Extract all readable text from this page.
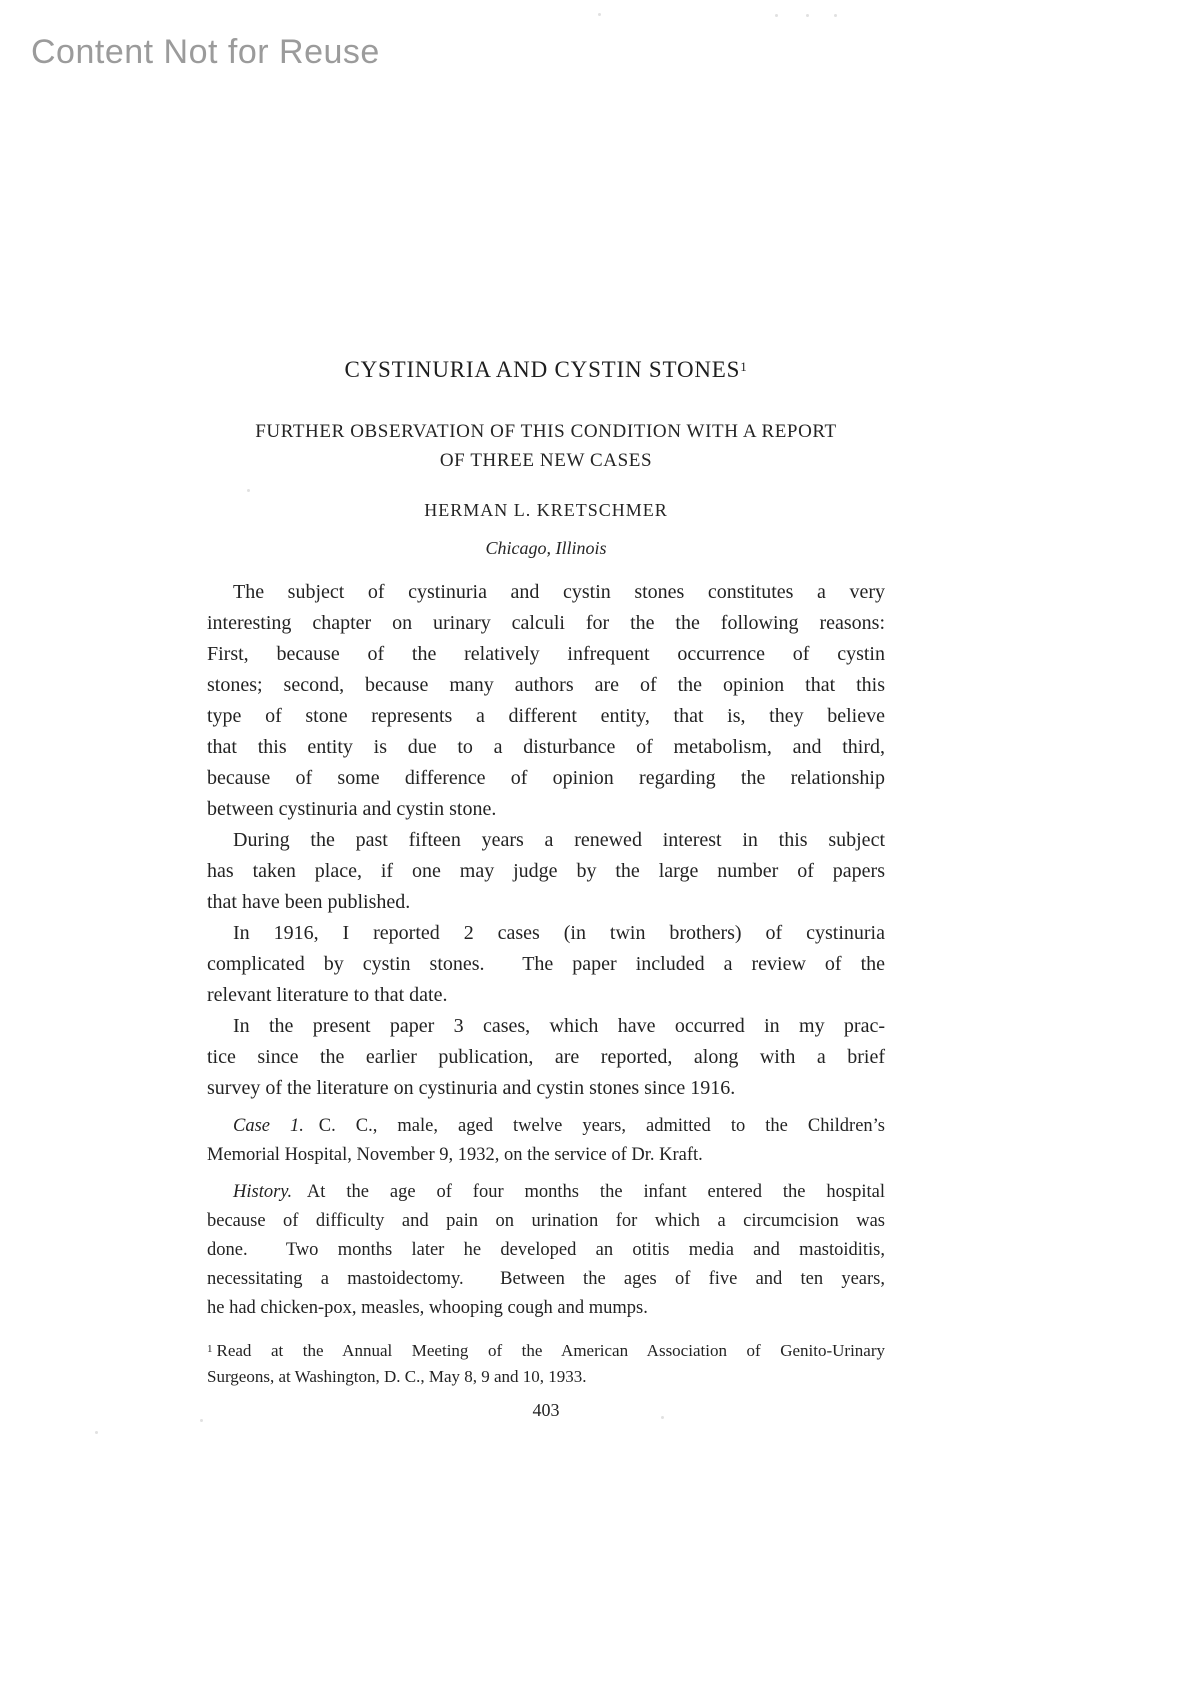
Content Not for Reuse
CYSTINURIA AND CYSTIN STONES$^1$
FURTHER OBSERVATION OF THIS CONDITION WITH A REPORT
OF THREE NEW CASES
HERMAN L. KRETSCHMER
Chicago, Illinois
The subject of cystinuria and cystin stones constitutes a very
interesting chapter on urinary calculi for the the following reasons:
First, because of the relatively infrequent occurrence of cystin
stones; second, because many authors are of the opinion that this
type of stone represents a different entity, that is, they believe
that this entity is due to a disturbance of metabolism, and third,
because of some difference of opinion regarding the relationship
between cystinuria and cystin stone.
During the past fifteen years a renewed interest in this subject
has taken place, if one may judge by the large number of papers
that have been published.
In 1916, I reported 2 cases (in twin brothers) of cystinuria
complicated by cystin stones.  The paper included a review of the
relevant literature to that date.
In the present paper 3 cases, which have occurred in my prac-
tice since the earlier publication, are reported, along with a brief
survey of the literature on cystinuria and cystin stones since 1916.
Case 1. C. C., male, aged twelve years, admitted to the Children’s
Memorial Hospital, November 9, 1932, on the service of Dr. Kraft.
History. At the age of four months the infant entered the hospital
because of difficulty and pain on urination for which a circumcision was
done.  Two months later he developed an otitis media and mastoiditis,
necessitating a mastoidectomy.  Between the ages of five and ten years,
he had chicken-pox, measles, whooping cough and mumps.
$^1$ Read at the Annual Meeting of the American Association of Genito-Urinary
Surgeons, at Washington, D. C., May 8, 9 and 10, 1933.
403
